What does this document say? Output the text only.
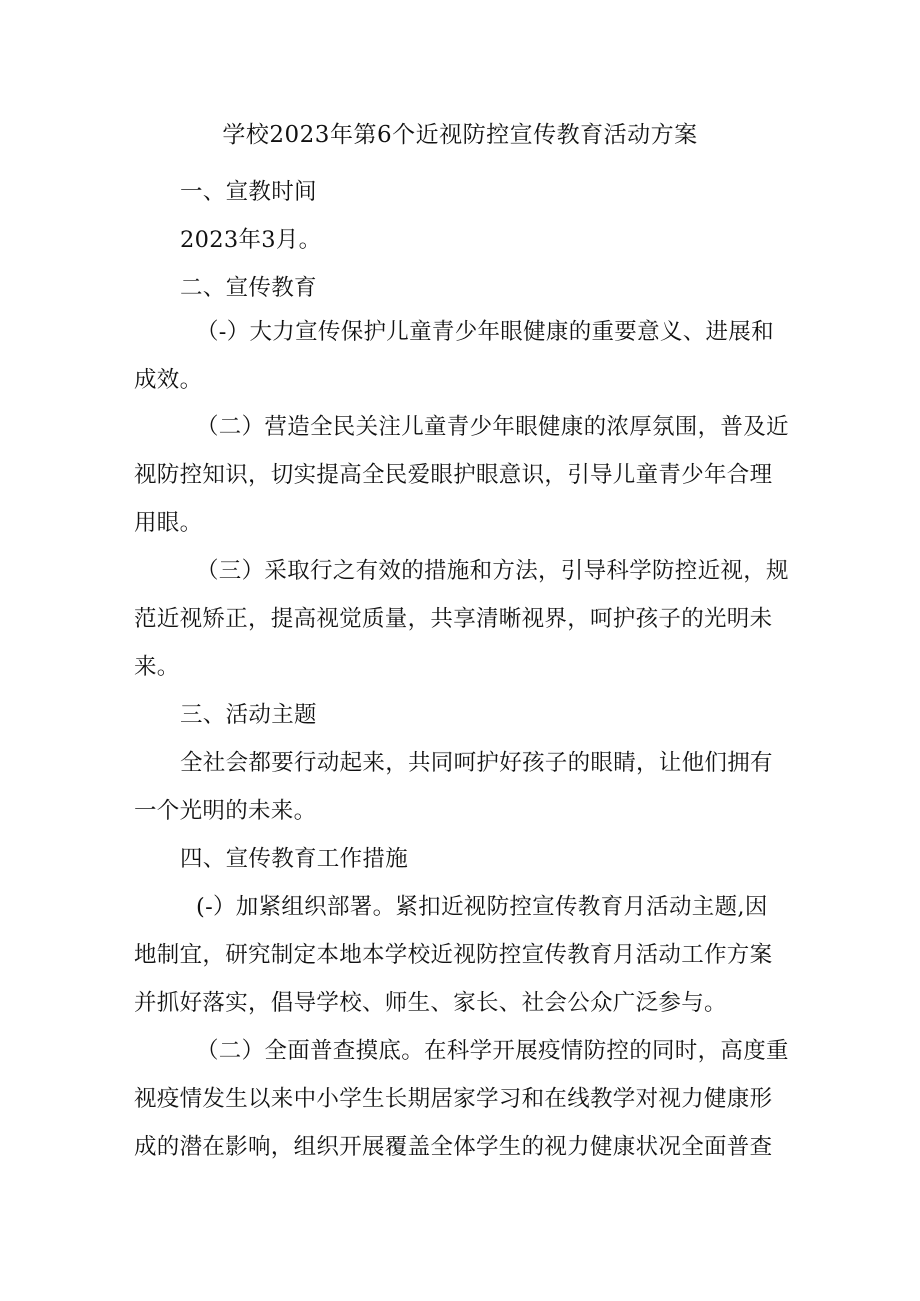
学校2023年第6个近视防控宣传教育活动方案
一、宣教时间
2023年3月。
二、宣传教育
（-）大力宣传保护儿童青少年眼健康的重要意义、进展和
成效。
（二）营造全民关注儿童青少年眼健康的浓厚氛围，普及近
视防控知识，切实提高全民爱眼护眼意识，引导儿童青少年合理
用眼。
（三）采取行之有效的措施和方法，引导科学防控近视，规
范近视矫正，提高视觉质量，共享清晰视界，呵护孩子的光明未
来。
三、活动主题
全社会都要行动起来，共同呵护好孩子的眼睛，让他们拥有
一个光明的未来。
四、宣传教育工作措施
(-）加紧组织部署。紧扣近视防控宣传教育月活动主题,因
地制宜，研究制定本地本学校近视防控宣传教育月活动工作方案
并抓好落实，倡导学校、师生、家长、社会公众广泛参与。
（二）全面普查摸底。在科学开展疫情防控的同时，高度重
视疫情发生以来中小学生长期居家学习和在线教学对视力健康形
成的潜在影响，组织开展覆盖全体学生的视力健康状况全面普查
